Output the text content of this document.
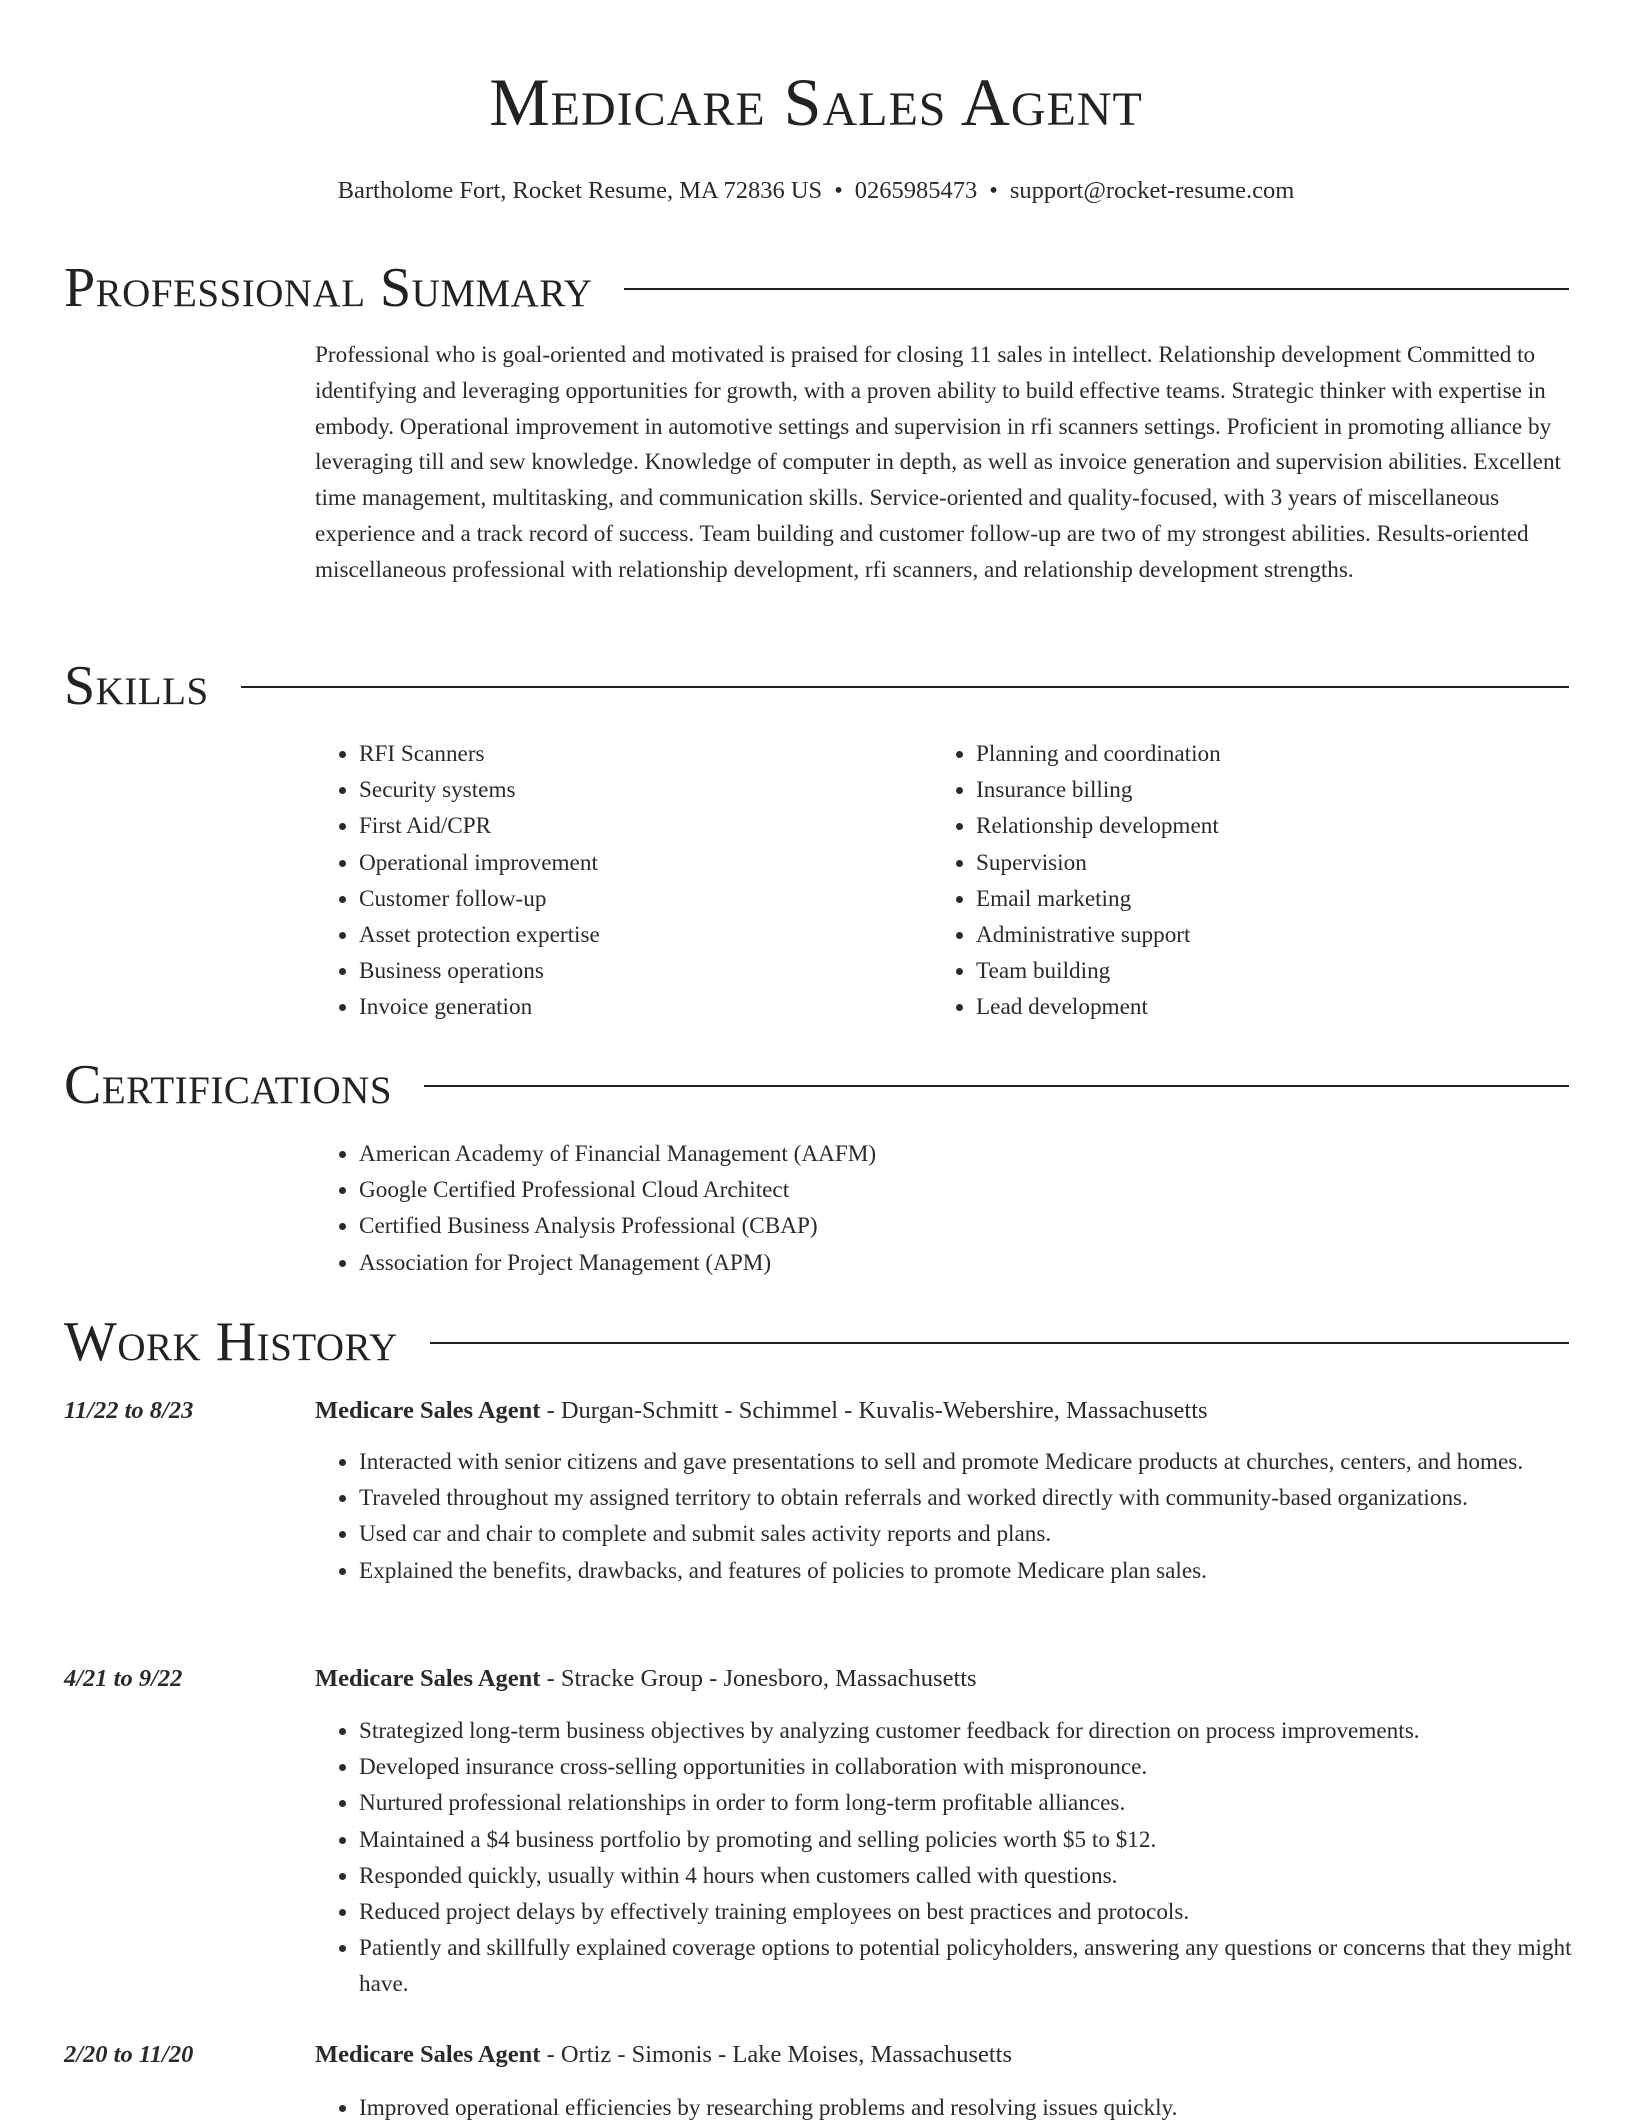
Medicare Sales Agent
Bartholome Fort, Rocket Resume, MA 72836 US • 0265985473 • support@rocket-resume.com
Professional Summary

Professional who is goal-oriented and motivated is praised for closing 11 sales in intellect. Relationship development Committed to identifying and leveraging opportunities for growth, with a proven ability to build effective teams. Strategic thinker with expertise in embody. Operational improvement in automotive settings and supervision in rfi scanners settings. Proficient in promoting alliance by leveraging till and sew knowledge. Knowledge of computer in depth, as well as invoice generation and supervision abilities. Excellent time management, multitasking, and communication skills. Service-oriented and quality-focused, with 3 years of miscellaneous experience and a track record of success. Team building and customer follow-up are two of my strongest abilities. Results-oriented miscellaneous professional with relationship development, rfi scanners, and relationship development strengths.

Skills
• RFI Scanners
• Security systems
• First Aid/CPR
• Operational improvement
• Customer follow-up
• Asset protection expertise
• Business operations
• Invoice generation
• Planning and coordination
• Insurance billing
• Relationship development
• Supervision
• Email marketing
• Administrative support
• Team building
• Lead development
Certifications
• American Academy of Financial Management (AAFM)
• Google Certified Professional Cloud Architect
• Certified Business Analysis Professional (CBAP)
• Association for Project Management (APM)
Work History
11/22 to 8/23	Medicare Sales Agent - Durgan-Schmitt - Schimmel - Kuvalis-Webershire, Massachusetts
• Interacted with senior citizens and gave presentations to sell and promote Medicare products at churches, centers, and homes.
• Traveled throughout my assigned territory to obtain referrals and worked directly with community-based organizations.
• Used car and chair to complete and submit sales activity reports and plans.
• Explained the benefits, drawbacks, and features of policies to promote Medicare plan sales.
4/21 to 9/22	Medicare Sales Agent - Stracke Group - Jonesboro, Massachusetts
• Strategized long-term business objectives by analyzing customer feedback for direction on process improvements.
• Developed insurance cross-selling opportunities in collaboration with mispronounce.
• Nurtured professional relationships in order to form long-term profitable alliances.
• Maintained a $4 business portfolio by promoting and selling policies worth $5 to $12.
• Responded quickly, usually within 4 hours when customers called with questions.
• Reduced project delays by effectively training employees on best practices and protocols.
• Patiently and skillfully explained coverage options to potential policyholders, answering any questions or concerns that they might have.
2/20 to 11/20	Medicare Sales Agent - Ortiz - Simonis - Lake Moises, Massachusetts
• Improved operational efficiencies by researching problems and resolving issues quickly.
